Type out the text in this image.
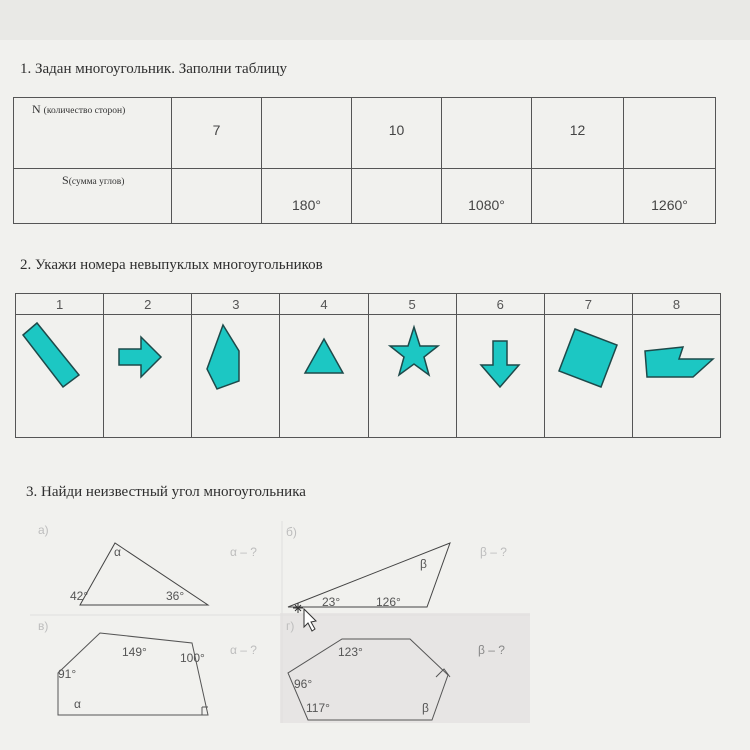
1. Задан многоугольник. Заполни таблицу
N (количество сторон)	7		10		12	
S(сумма углов)		180°		1080°		1260°
2. Укажи номера невыпуклых многоугольников
1	2	3	4	5	6	7	8

3. Найди неизвестный угол многоугольника
а)
α
42°	36°
α – ?
б)
β
23°	126°
β – ?
в)
149°	100°
91°
α
α – ?
г)
123°
96°
117°	β
β – ?
